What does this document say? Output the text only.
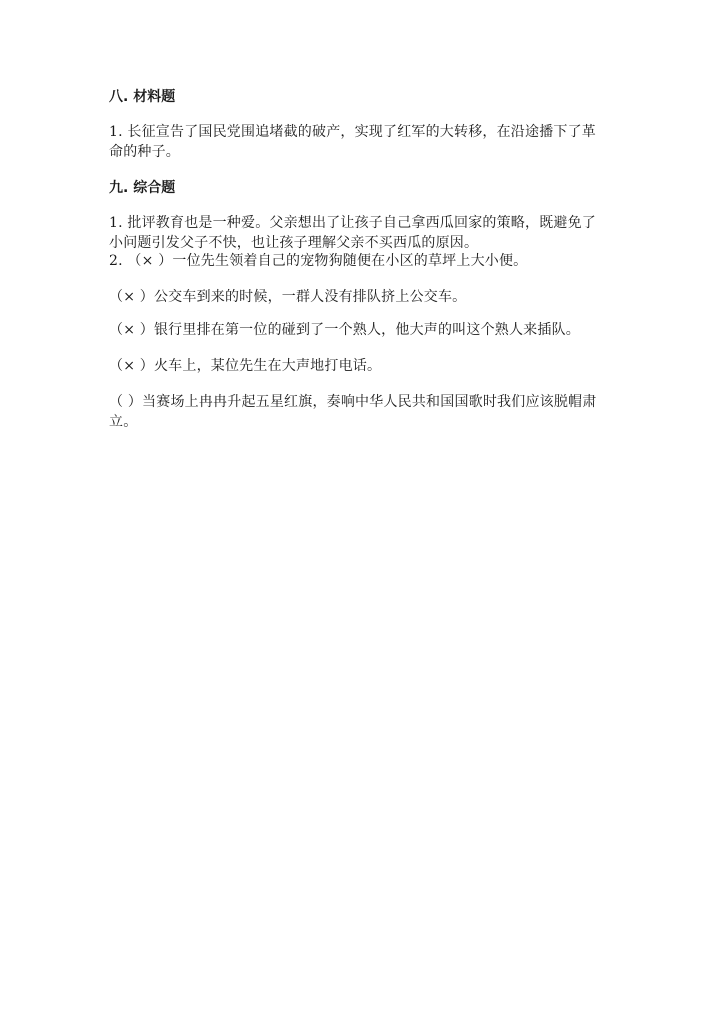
八. 材料题
1. 长征宣告了国民党围追堵截的破产，实现了红军的大转移，在沿途播下了革命的种子。
九. 综合题
1. 批评教育也是一种爱。父亲想出了让孩子自己拿西瓜回家的策略，既避免了小问题引发父子不快，也让孩子理解父亲不买西瓜的原因。
2. （× ）一位先生领着自己的宠物狗随便在小区的草坪上大小便。
（× ）公交车到来的时候，一群人没有排队挤上公交车。
（× ）银行里排在第一位的碰到了一个熟人，他大声的叫这个熟人来插队。
（× ）火车上，某位先生在大声地打电话。
（ ）当赛场上冉冉升起五星红旗，奏响中华人民共和国国歌时我们应该脱帽肃立。
